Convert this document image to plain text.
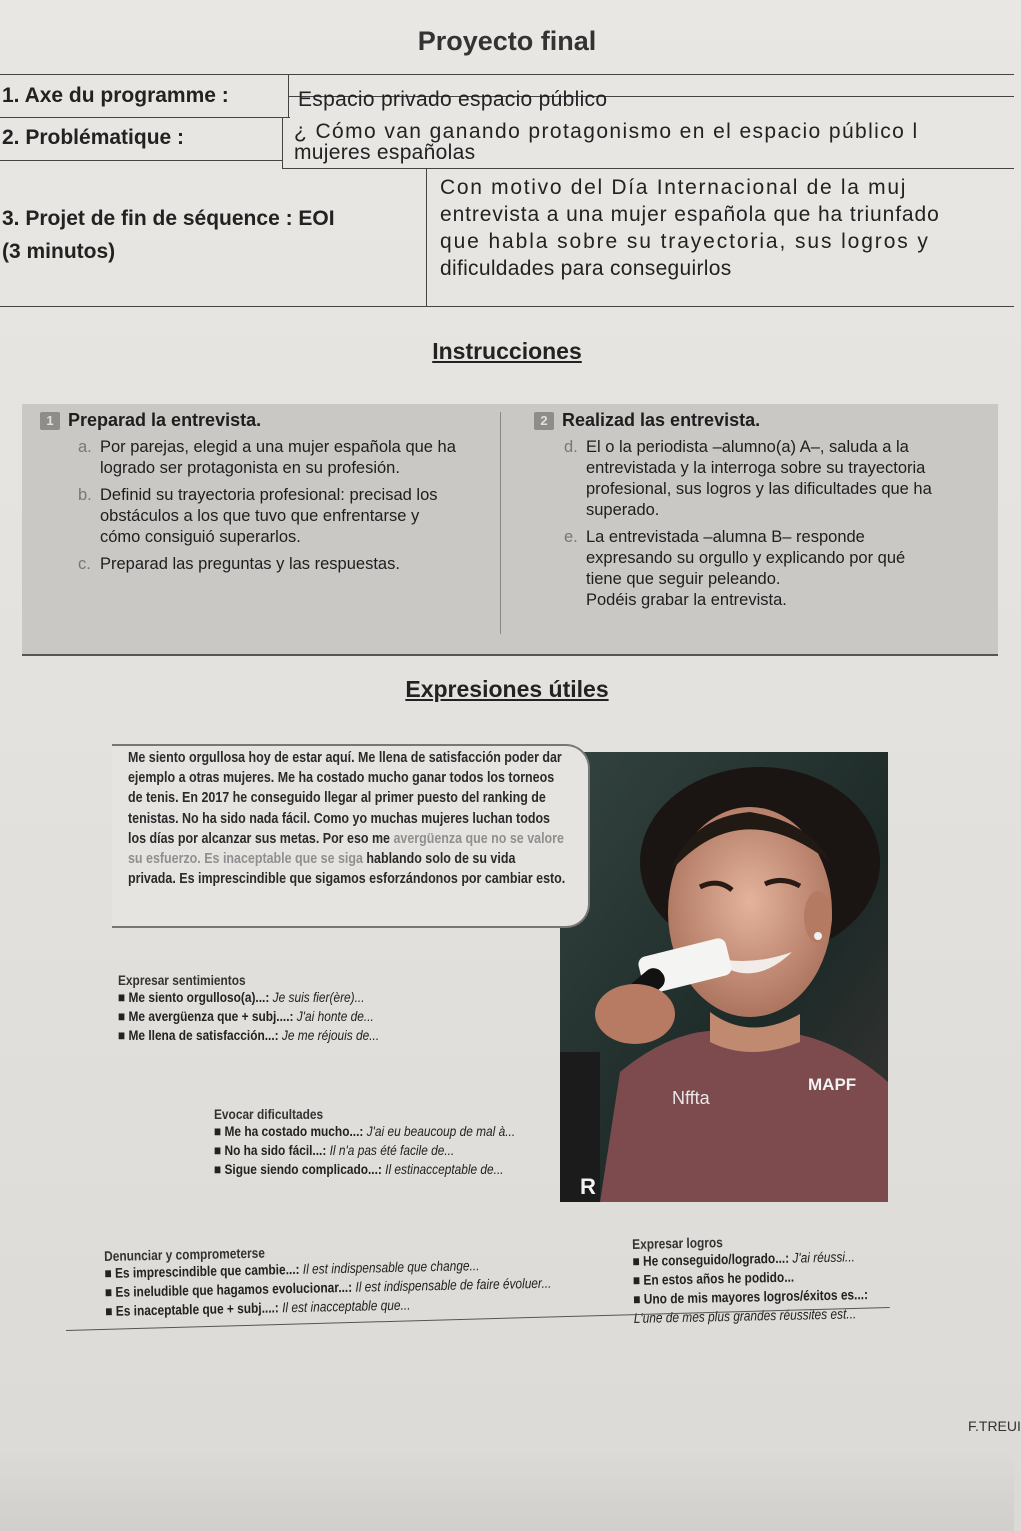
Proyecto final
1. Axe du programme :	Espacio privado espacio público
2. Problématique :	¿ Cómo van ganando protagonismo en el espacio público l
mujeres españolas
3. Projet de fin de séquence : EOI
(3 minutos)
Con motivo del Día Internacional de la muj
entrevista a una mujer española que ha triunfado
que habla sobre su trayectoria, sus logros y
dificuldades para conseguirlos
Instrucciones
1 Preparad la entrevista.
a. Por parejas, elegid a una mujer española que ha logrado ser protagonista en su profesión.
b. Definid su trayectoria profesional: precisad los obstáculos a los que tuvo que enfrentarse y cómo consiguió superarlos.
c. Preparad las preguntas y las respuestas.
2 Realizad las entrevista.
d. El o la periodista –alumno(a) A–, saluda a la entrevistada y la interroga sobre su trayectoria profesional, sus logros y las dificultades que ha superado.
e. La entrevistada –alumna B– responde expresando su orgullo y explicando por qué tiene que seguir peleando.
Podéis grabar la entrevista.
Expresiones útiles
Nffta
MAPF
R
Me siento orgullosa hoy de estar aquí. Me llena de satisfacción poder dar ejemplo a otras mujeres. Me ha costado mucho ganar todos los torneos de tenis. En 2017 he conseguido llegar al primer puesto del ranking de tenistas. No ha sido nada fácil. Como yo muchas mujeres luchan todos los días por alcanzar sus metas. Por eso me avergüenza que no se valore su esfuerzo. Es inaceptable que se siga hablando solo de su vida privada. Es imprescindible que sigamos esforzándonos por cambiar esto.
Expresar sentimientos
■ Me siento orgulloso(a)...: Je suis fier(ère)...
■ Me avergüenza que + subj....: J'ai honte de...
■ Me llena de satisfacción...: Je me réjouis de...
Evocar dificultades
■ Me ha costado mucho...: J'ai eu beaucoup de mal à...
■ No ha sido fácil...: Il n'a pas été facile de...
■ Sigue siendo complicado...: Il estinacceptable de...
Denunciar y comprometerse
■ Es imprescindible que cambie...: Il est indispensable que change...
■ Es ineludible que hagamos evolucionar...: Il est indispensable de faire évoluer...
■ Es inaceptable que + subj....: Il est inacceptable que...
Expresar logros
■ He conseguido/logrado...: J'ai réussi...
■ En estos años he podido...
■ Uno de mis mayores logros/éxitos es...:
L'une de mes plus grandes réussites est...
F.TREUI
